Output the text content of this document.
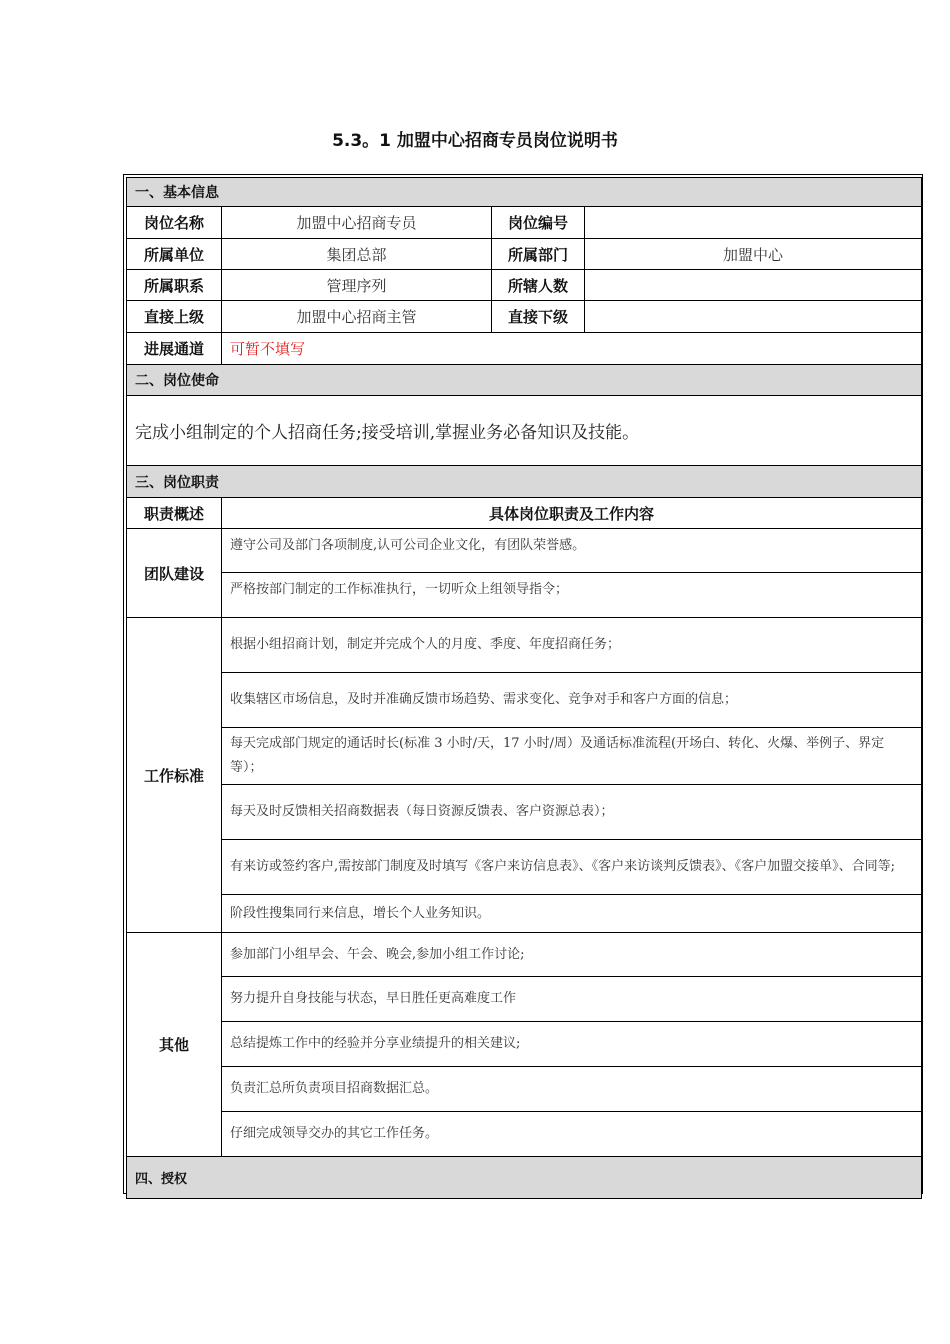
5.3。1 加盟中心招商专员岗位说明书
一、基本信息			
岗位名称	加盟中心招商专员	岗位编号	
所属单位	集团总部	所属部门	加盟中心
所属职系	管理序列	所辖人数	
直接上级	加盟中心招商主管	直接下级	
进展通道	可暂不填写		
二、岗位使命			
完成小组制定的个人招商任务;接受培训,掌握业务必备知识及技能。			
三、岗位职责			
职责概述	具体岗位职责及工作内容		
团队建设	遵守公司及部门各项制度,认可公司企业文化，有团队荣誉感。		
	严格按部门制定的工作标准执行，一切听众上组领导指令；		
工作标准	根据小组招商计划，制定并完成个人的月度、季度、年度招商任务；		
	收集辖区市场信息，及时并准确反馈市场趋势、需求变化、竞争对手和客户方面的信息；		
	每天完成部门规定的通话时长(标准 3 小时/天，17 小时/周）及通话标准流程(开场白、转化、火爆、举例子、界定等）；		
	每天及时反馈相关招商数据表（每日资源反馈表、客户资源总表）；		
	有来访或签约客户,需按部门制度及时填写《客户来访信息表》、《客户来访谈判反馈表》、《客户加盟交接单》、合同等;		
	阶段性搜集同行来信息，增长个人业务知识。		
其他	参加部门小组早会、午会、晚会,参加小组工作讨论;		
	努力提升自身技能与状态，早日胜任更高难度工作		
	总结提炼工作中的经验并分享业绩提升的相关建议;		
	负责汇总所负责项目招商数据汇总。		
	仔细完成领导交办的其它工作任务。		
四、授权			
